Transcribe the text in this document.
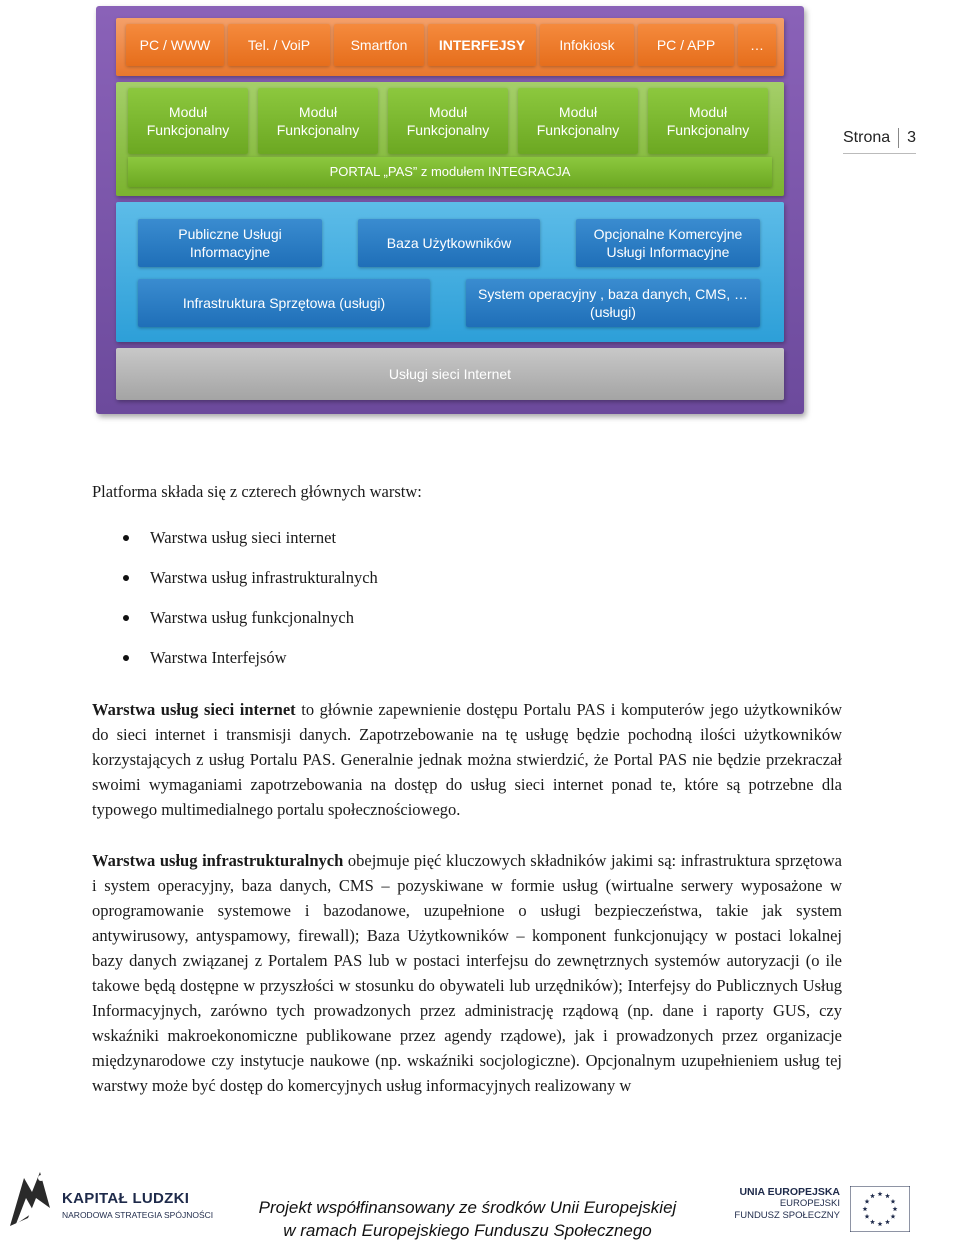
PC / WWW	Tel. / VoiP	Smartfon	INTERFEJSY	Infokiosk	PC / APP	…
Moduł Funkcjonalny
Moduł Funkcjonalny
Moduł Funkcjonalny
Moduł Funkcjonalny
Moduł Funkcjonalny
PORTAL „PAS” z modułem INTEGRACJA
Publiczne Usługi Informacyjne
Baza Użytkowników
Opcjonalne Komercyjne Usługi Informacyjne
Infrastruktura Sprzętowa (usługi)
System operacyjny , baza danych, CMS, … (usługi)
Usługi sieci Internet
Strona 3
Platforma składa się z czterech głównych warstw:
Warstwa usług sieci internet
Warstwa usług infrastrukturalnych
Warstwa usług funkcjonalnych
Warstwa Interfejsów
Warstwa usług sieci internet to głównie zapewnienie dostępu Portalu PAS i komputerów jego użytkowników do sieci internet i transmisji danych. Zapotrzebowanie na tę usługę będzie pochodną ilości użytkowników korzystających z usług Portalu PAS. Generalnie jednak można stwierdzić, że Portal PAS nie będzie przekraczał swoimi wymaganiami zapotrzebowania na dostęp do usług sieci internet ponad te, które są potrzebne dla typowego multimedialnego portalu społecznościowego.
Warstwa usług infrastrukturalnych obejmuje pięć kluczowych składników jakimi są: infrastruktura sprzętowa i system operacyjny, baza danych, CMS – pozyskiwane w formie usług (wirtualne serwery wyposażone w oprogramowanie systemowe i bazodanowe, uzupełnione o usługi bezpieczeństwa, takie jak system antywirusowy, antyspamowy, firewall); Baza Użytkowników – komponent funkcjonujący w postaci lokalnej bazy danych związanej z Portalem PAS lub w postaci interfejsu do zewnętrznych systemów autoryzacji (o ile takowe będą dostępne w przyszłości w stosunku do obywateli lub urzędników); Interfejsy do Publicznych Usług Informacyjnych, zarówno tych prowadzonych przez administrację rządową (np. dane i raporty GUS, czy wskaźniki makroekonomiczne publikowane przez agendy rządowe), jak i prowadzonych przez organizacje międzynarodowe czy instytucje naukowe (np. wskaźniki socjologiczne). Opcjonalnym uzupełnieniem usług tej warstwy może być dostęp do komercyjnych usług informacyjnych realizowany w
KAPITAŁ LUDZKI
NARODOWA STRATEGIA SPÓJNOŚCI	Projekt współfinansowany ze środków Unii Europejskiej
w ramach Europejskiego Funduszu Społecznego
UNIA EUROPEJSKA
EUROPEJSKI
FUNDUSZ SPOŁECZNY
